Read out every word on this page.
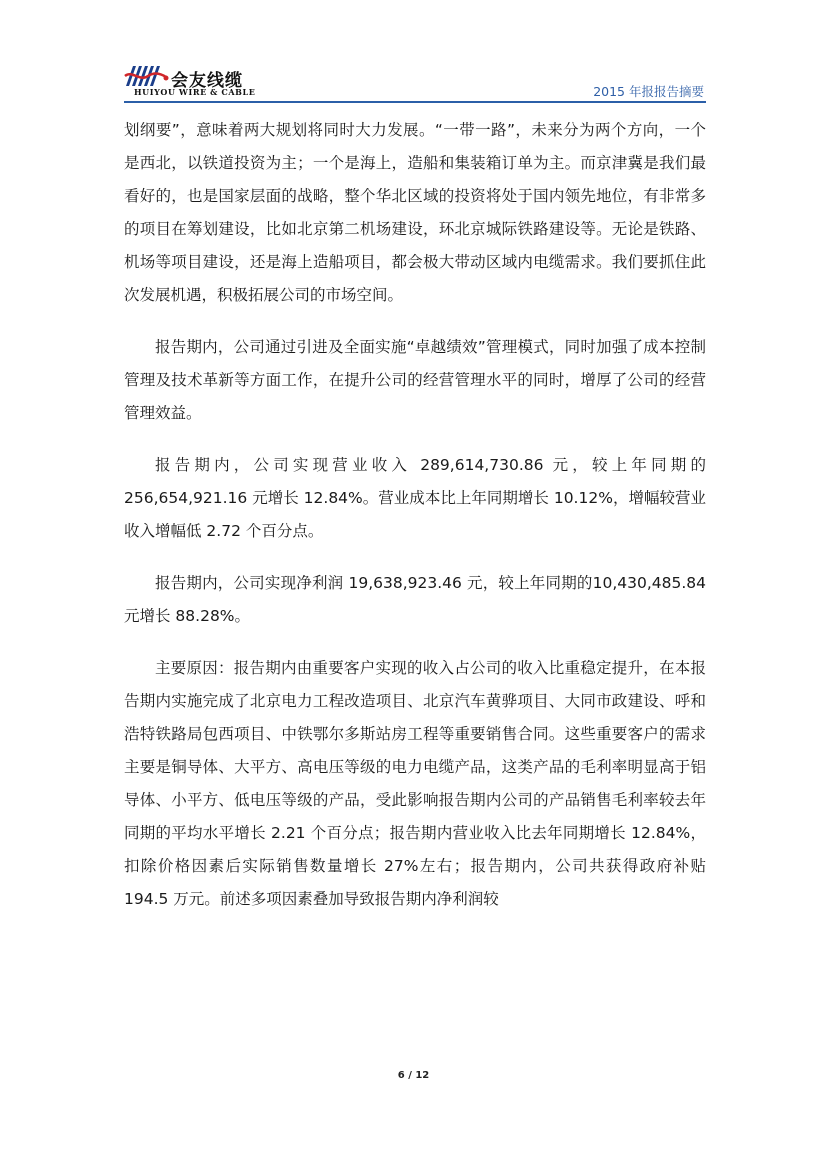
会友线缆
HUIYOU WIRE & CABLE	2015 年报报告摘要

划纲要”，意味着两大规划将同时大力发展。“一带一路”，未来分为两个方向，一个是西北，以铁道投资为主；一个是海上，造船和集装箱订单为主。而京津冀是我们最看好的，也是国家层面的战略，整个华北区域的投资将处于国内领先地位，有非常多的项目在筹划建设，比如北京第二机场建设，环北京城际铁路建设等。无论是铁路、机场等项目建设，还是海上造船项目，都会极大带动区域内电缆需求。我们要抓住此次发展机遇，积极拓展公司的市场空间。

报告期内，公司通过引进及全面实施“卓越绩效”管理模式，同时加强了成本控制管理及技术革新等方面工作，在提升公司的经营管理水平的同时，增厚了公司的经营管理效益。

报告期内，公司实现营业收入 289,614,730.86 元，较上年同期的256,654,921.16 元增长 12.84%。营业成本比上年同期增长 10.12%，增幅较营业收入增幅低 2.72 个百分点。

报告期内，公司实现净利润 19,638,923.46 元，较上年同期的10,430,485.84 元增长 88.28%。

主要原因：报告期内由重要客户实现的收入占公司的收入比重稳定提升，在本报告期内实施完成了北京电力工程改造项目、北京汽车黄骅项目、大同市政建设、呼和浩特铁路局包西项目、中铁鄂尔多斯站房工程等重要销售合同。这些重要客户的需求主要是铜导体、大平方、高电压等级的电力电缆产品，这类产品的毛利率明显高于铝导体、小平方、低电压等级的产品，受此影响报告期内公司的产品销售毛利率较去年同期的平均水平增长 2.21 个百分点；报告期内营业收入比去年同期增长 12.84%，扣除价格因素后实际销售数量增长 27%左右；报告期内，公司共获得政府补贴 194.5 万元。前述多项因素叠加导致报告期内净利润较

6 / 12
